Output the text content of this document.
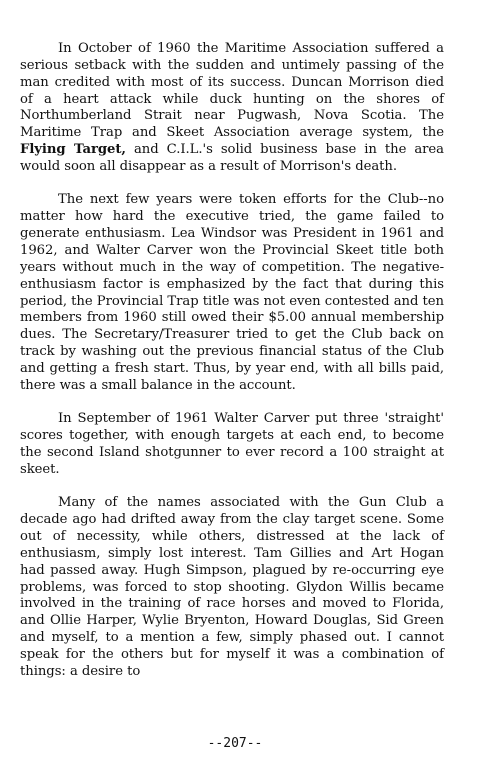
In October of 1960 the Maritime Association suffered a serious setback with the sudden and untimely passing of the man credited with most of its success. Duncan Morrison died of a heart attack while duck hunting on the shores of Northumberland Strait near Pugwash, Nova Scotia. The Maritime Trap and Skeet Association average system, the Flying Target, and C.I.L.'s solid business base in the area would soon all disappear as a result of Morrison's death.

The next few years were token efforts for the Club--no matter how hard the executive tried, the game failed to generate enthusiasm. Lea Windsor was President in 1961 and 1962, and Walter Carver won the Provincial Skeet title both years without much in the way of competition. The negative-enthusiasm factor is emphasized by the fact that during this period, the Provincial Trap title was not even contested and ten members from 1960 still owed their $5.00 annual membership dues. The Secretary/Treasurer tried to get the Club back on track by washing out the previous financial status of the Club and getting a fresh start. Thus, by year end, with all bills paid, there was a small balance in the account.

In September of 1961 Walter Carver put three 'straight' scores together, with enough targets at each end, to become the second Island shotgunner to ever record a 100 straight at skeet.

Many of the names associated with the Gun Club a decade ago had drifted away from the clay target scene. Some out of necessity, while others, distressed at the lack of enthusiasm, simply lost interest. Tam Gillies and Art Hogan had passed away. Hugh Simpson, plagued by re-occurring eye problems, was forced to stop shooting. Glydon Willis became involved in the training of race horses and moved to Florida, and Ollie Harper, Wylie Bryenton, Howard Douglas, Sid Green and myself, to a mention a few, simply phased out. I cannot speak for the others but for myself it was a combination of things: a desire to

--207--
